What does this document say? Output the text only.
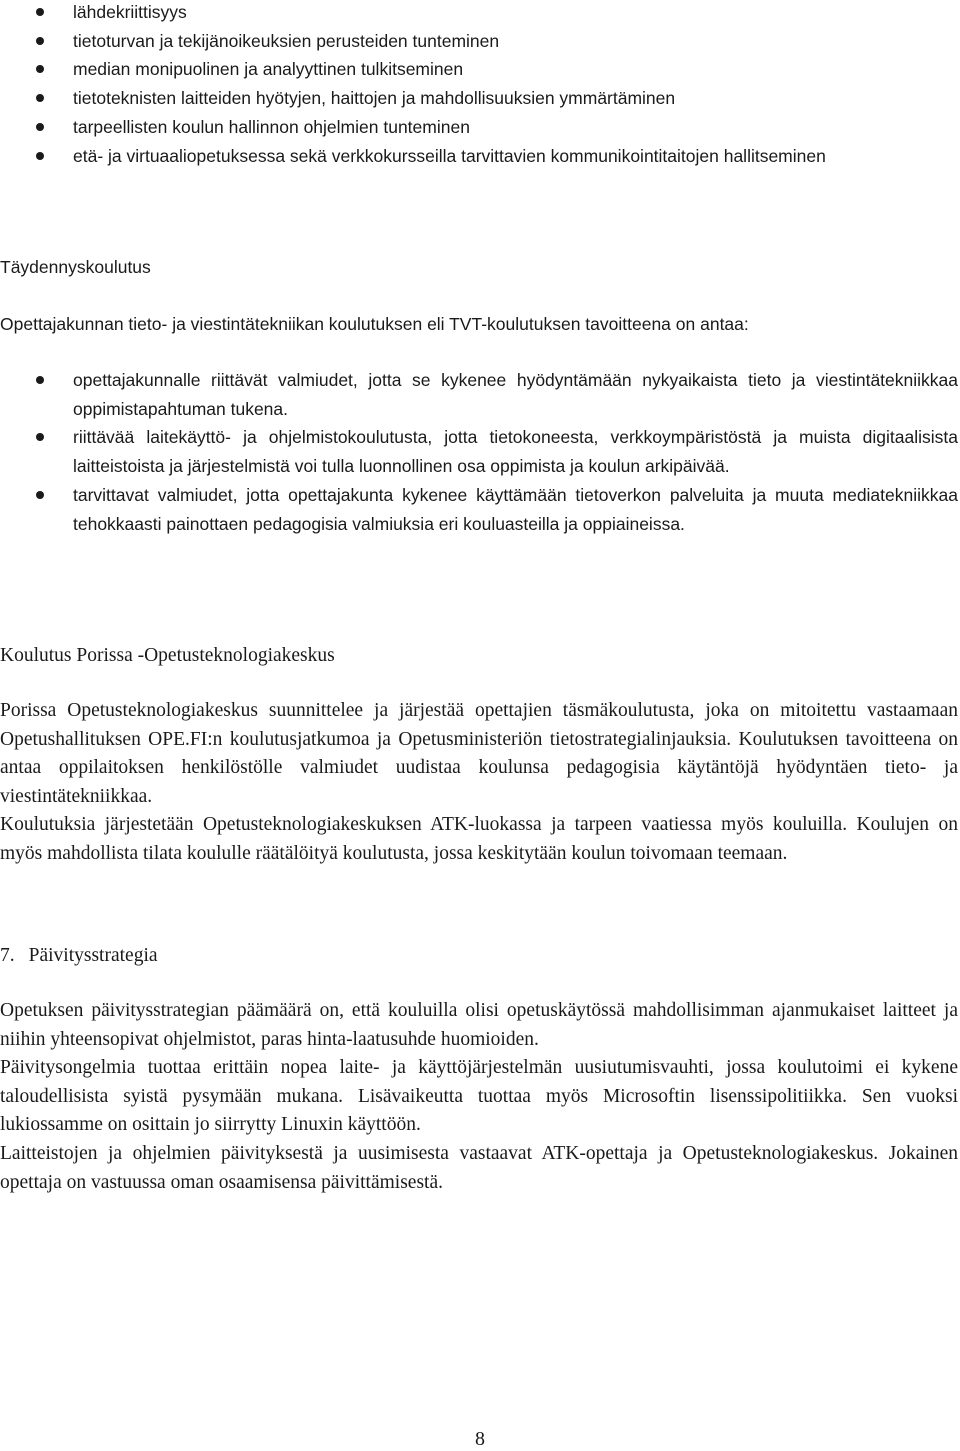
lähdekriittisyys
tietoturvan ja tekijänoikeuksien perusteiden tunteminen
median monipuolinen ja analyyttinen tulkitseminen
tietoteknisten laitteiden hyötyjen, haittojen ja mahdollisuuksien ymmärtäminen
tarpeellisten koulun hallinnon ohjelmien tunteminen
etä- ja virtuaaliopetuksessa sekä verkkokursseilla tarvittavien kommunikointitaitojen hallitseminen
Täydennyskoulutus

Opettajakunnan tieto- ja viestintätekniikan koulutuksen eli TVT-koulutuksen tavoitteena on antaa:

opettajakunnalle riittävät valmiudet, jotta se kykenee hyödyntämään nykyaikaista tieto ja viestintätekniikkaa oppimistapahtuman tukena.
riittävää laitekäyttö- ja ohjelmistokoulutusta, jotta tietokoneesta, verkkoympäristöstä ja muista digitaalisista laitteistoista ja järjestelmistä voi tulla luonnollinen osa oppimista ja koulun arkipäivää.
tarvittavat valmiudet, jotta opettajakunta kykenee käyttämään tietoverkon palveluita ja muuta mediatekniikkaa tehokkaasti painottaen pedagogisia valmiuksia eri kouluasteilla ja oppiaineissa.
Koulutus Porissa -Opetusteknologiakeskus

Porissa Opetusteknologiakeskus suunnittelee ja järjestää opettajien täsmäkoulutusta, joka on mitoitettu vastaamaan Opetushallituksen OPE.FI:n koulutusjatkumoa ja Opetusministeriön tietostrategialinjauksia. Koulutuksen tavoitteena on antaa oppilaitoksen henkilöstölle valmiudet uudistaa koulunsa pedagogisia käytäntöjä hyödyntäen tieto- ja viestintätekniikkaa.

Koulutuksia järjestetään Opetusteknologiakeskuksen ATK-luokassa ja tarpeen vaatiessa myös kouluilla. Koulujen on myös mahdollista tilata koululle räätälöityä koulutusta, jossa keskitytään koulun toivomaan teemaan.

7. Päivitysstrategia

Opetuksen päivitysstrategian päämäärä on, että kouluilla olisi opetuskäytössä mahdollisimman ajanmukaiset laitteet ja niihin yhteensopivat ohjelmistot, paras hinta-laatusuhde huomioiden.

Päivitysongelmia tuottaa erittäin nopea laite- ja käyttöjärjestelmän uusiutumisvauhti, jossa koulutoimi ei kykene taloudellisista syistä pysymään mukana. Lisävaikeutta tuottaa myös Microsoftin lisenssipolitiikka. Sen vuoksi lukiossamme on osittain jo siirrytty Linuxin käyttöön.

Laitteistojen ja ohjelmien päivityksestä ja uusimisesta vastaavat ATK-opettaja ja Opetusteknologiakeskus. Jokainen opettaja on vastuussa oman osaamisensa päivittämisestä.

8
